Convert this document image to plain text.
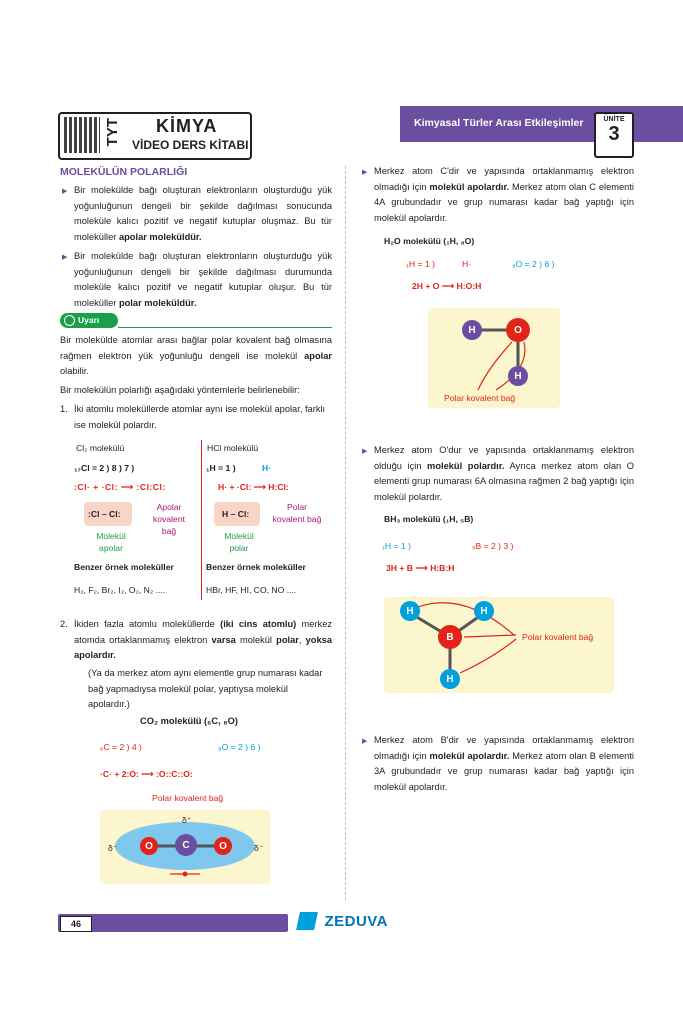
TYT KİMYA
VİDEO DERS KİTABI
Kimyasal Türler Arası Etkileşimler	ÜNİTE
3
MOLEKÜLÜN POLARLIĞI
▶ Bir molekülde bağı oluşturan elektronların oluşturduğu yük yoğunluğunun dengeli bir şekilde dağılması sonucunda moleküle kalıcı pozitif ve negatif kutuplar oluşmaz. Bu tür moleküller apolar moleküldür.
▶ Bir molekülde bağı oluşturan elektronların oluşturduğu yük yoğunluğunun dengeli bir şekilde dağılması durumunda moleküle kalıcı pozitif ve negatif kutuplar oluşur. Bu tür moleküller polar moleküldür.
Uyarı
Bir molekülde atomlar arası bağlar polar kovalent bağ olmasına rağmen elektron yük yoğunluğu dengeli ise molekül apolar olabilir.
Bir molekülün polarlığı aşağıdaki yöntemlerle belirlenebilir:
1. İki atomlu moleküllerde atomlar aynı ise molekül apolar, farklı ise molekül polardır.
Cl₂ molekülü
₁₇Cl = 2 ) 8 ) 7 )
:Cl· + ·Cl: ⟶ :Cl:Cl:
:Cl – Cl:
Apolar kovalent bağ
Molekül apolar
Benzer örnek moleküller
H₂, F₂, Br₂, I₂, O₂, N₂ ....
HCl molekülü
₁H = 1 )	H·
H· + ·Cl: ⟶ H:Cl:
H – Cl:
Polar kovalent bağ
Molekül polar
Benzer örnek moleküller
HBr, HF, HI, CO, NO ....
2. İkiden fazla atomlu moleküllerde (iki cins atomlu) merkez atomda ortaklanmamış elektron varsa molekül polar, yoksa apolardır.
(Ya da merkez atom aynı elementle grup numarası kadar bağ yapmadıysa molekül polar, yaptıysa molekül apolardır.)
CO₂ molekülü (₆C, ₈O)
₆C = 2 ) 4 )	₈O = 2 ) 6 )
·C· + 2:O: ⟶ :O::C::O:
Polar kovalent bağ
O	C	O
δ⁺
δ⁻	δ⁻
▶ Merkez atom C'dir ve yapısında ortaklanmamış elektron olmadığı için molekül apolardır. Merkez atom olan C elementi 4A grubundadır ve grup numarası kadar bağ yaptığı için molekül apolardır.
H₂O molekülü (₁H, ₈O)
₁H = 1 )	H·	₈O = 2 ) 6 )
2H + O ⟶ H:O:H
H	O
H
Polar kovalent bağ
▶ Merkez atom O'dur ve yapısında ortaklanmamış elektron olduğu için molekül polardır. Ayrıca merkez atom olan O elementi grup numarası 6A olmasına rağmen 2 bağ yaptığı için molekül polardır.
BH₃ molekülü (₁H, ₅B)
₁H = 1 )	₅B = 2 ) 3 )
3H + B ⟶ H:B:H
H	H
B
H
Polar kovalent bağ
▶ Merkez atom B'dir ve yapısında ortaklanmamış elektron olmadığı için molekül apolardır. Merkez atom olan B elementi 3A grubundadır ve grup numarası kadar bağ yaptığı için molekül apolardır.
46	ZEDUVA
